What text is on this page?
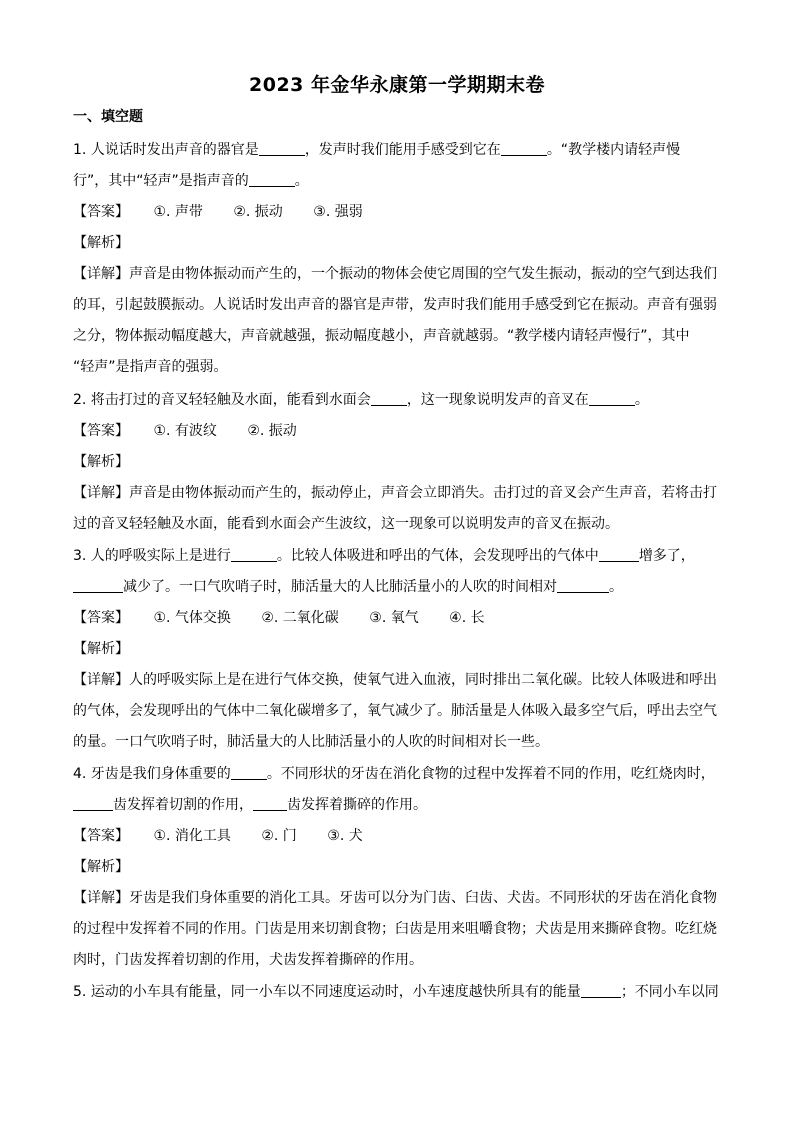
2023 年金华永康第一学期期末卷
一、填空题
1. 人说话时发出声音的器官是	，发声时我们能用手感受到它在	。“教学楼内请轻声慢
行”，其中“轻声”是指声音的	。
【答案】 ①. 声带 ②. 振动 ③. 强弱
【解析】
【详解】声音是由物体振动而产生的，一个振动的物体会使它周围的空气发生振动，振动的空气到达我们
的耳，引起鼓膜振动。人说话时发出声音的器官是声带，发声时我们能用手感受到它在振动。声音有强弱
之分，物体振动幅度越大，声音就越强，振动幅度越小，声音就越弱。“教学楼内请轻声慢行”，其中
“轻声”是指声音的强弱。
2. 将击打过的音叉轻轻触及水面，能看到水面会	，这一现象说明发声的音叉在	。
【答案】 ①. 有波纹 ②. 振动
【解析】
【详解】声音是由物体振动而产生的，振动停止，声音会立即消失。击打过的音叉会产生声音，若将击打
过的音叉轻轻触及水面，能看到水面会产生波纹，这一现象可以说明发声的音叉在振动。
3. 人的呼吸实际上是进行	。比较人体吸进和呼出的气体，会发现呼出的气体中	增多了，
减少了。一口气吹哨子时，肺活量大的人比肺活量小的人吹的时间相对	。
【答案】 ①. 气体交换 ②. 二氧化碳 ③. 氧气 ④. 长
【解析】
【详解】人的呼吸实际上是在进行气体交换，使氧气进入血液，同时排出二氧化碳。比较人体吸进和呼出
的气体，会发现呼出的气体中二氧化碳增多了，氧气减少了。肺活量是人体吸入最多空气后，呼出去空气
的量。一口气吹哨子时，肺活量大的人比肺活量小的人吹的时间相对长一些。
4. 牙齿是我们身体重要的	。不同形状的牙齿在消化食物的过程中发挥着不同的作用，吃红烧肉时，
齿发挥着切割的作用， 齿发挥着撕碎的作用。
【答案】 ①. 消化工具 ②. 门 ③. 犬
【解析】
【详解】牙齿是我们身体重要的消化工具。牙齿可以分为门齿、臼齿、犬齿。不同形状的牙齿在消化食物
的过程中发挥着不同的作用。门齿是用来切割食物；臼齿是用来咀嚼食物；犬齿是用来撕碎食物。吃红烧
肉时，门齿发挥着切割的作用，犬齿发挥着撕碎的作用。
5. 运动的小车具有能量，同一小车以不同速度运动时，小车速度越快所具有的能量	；不同小车以同
